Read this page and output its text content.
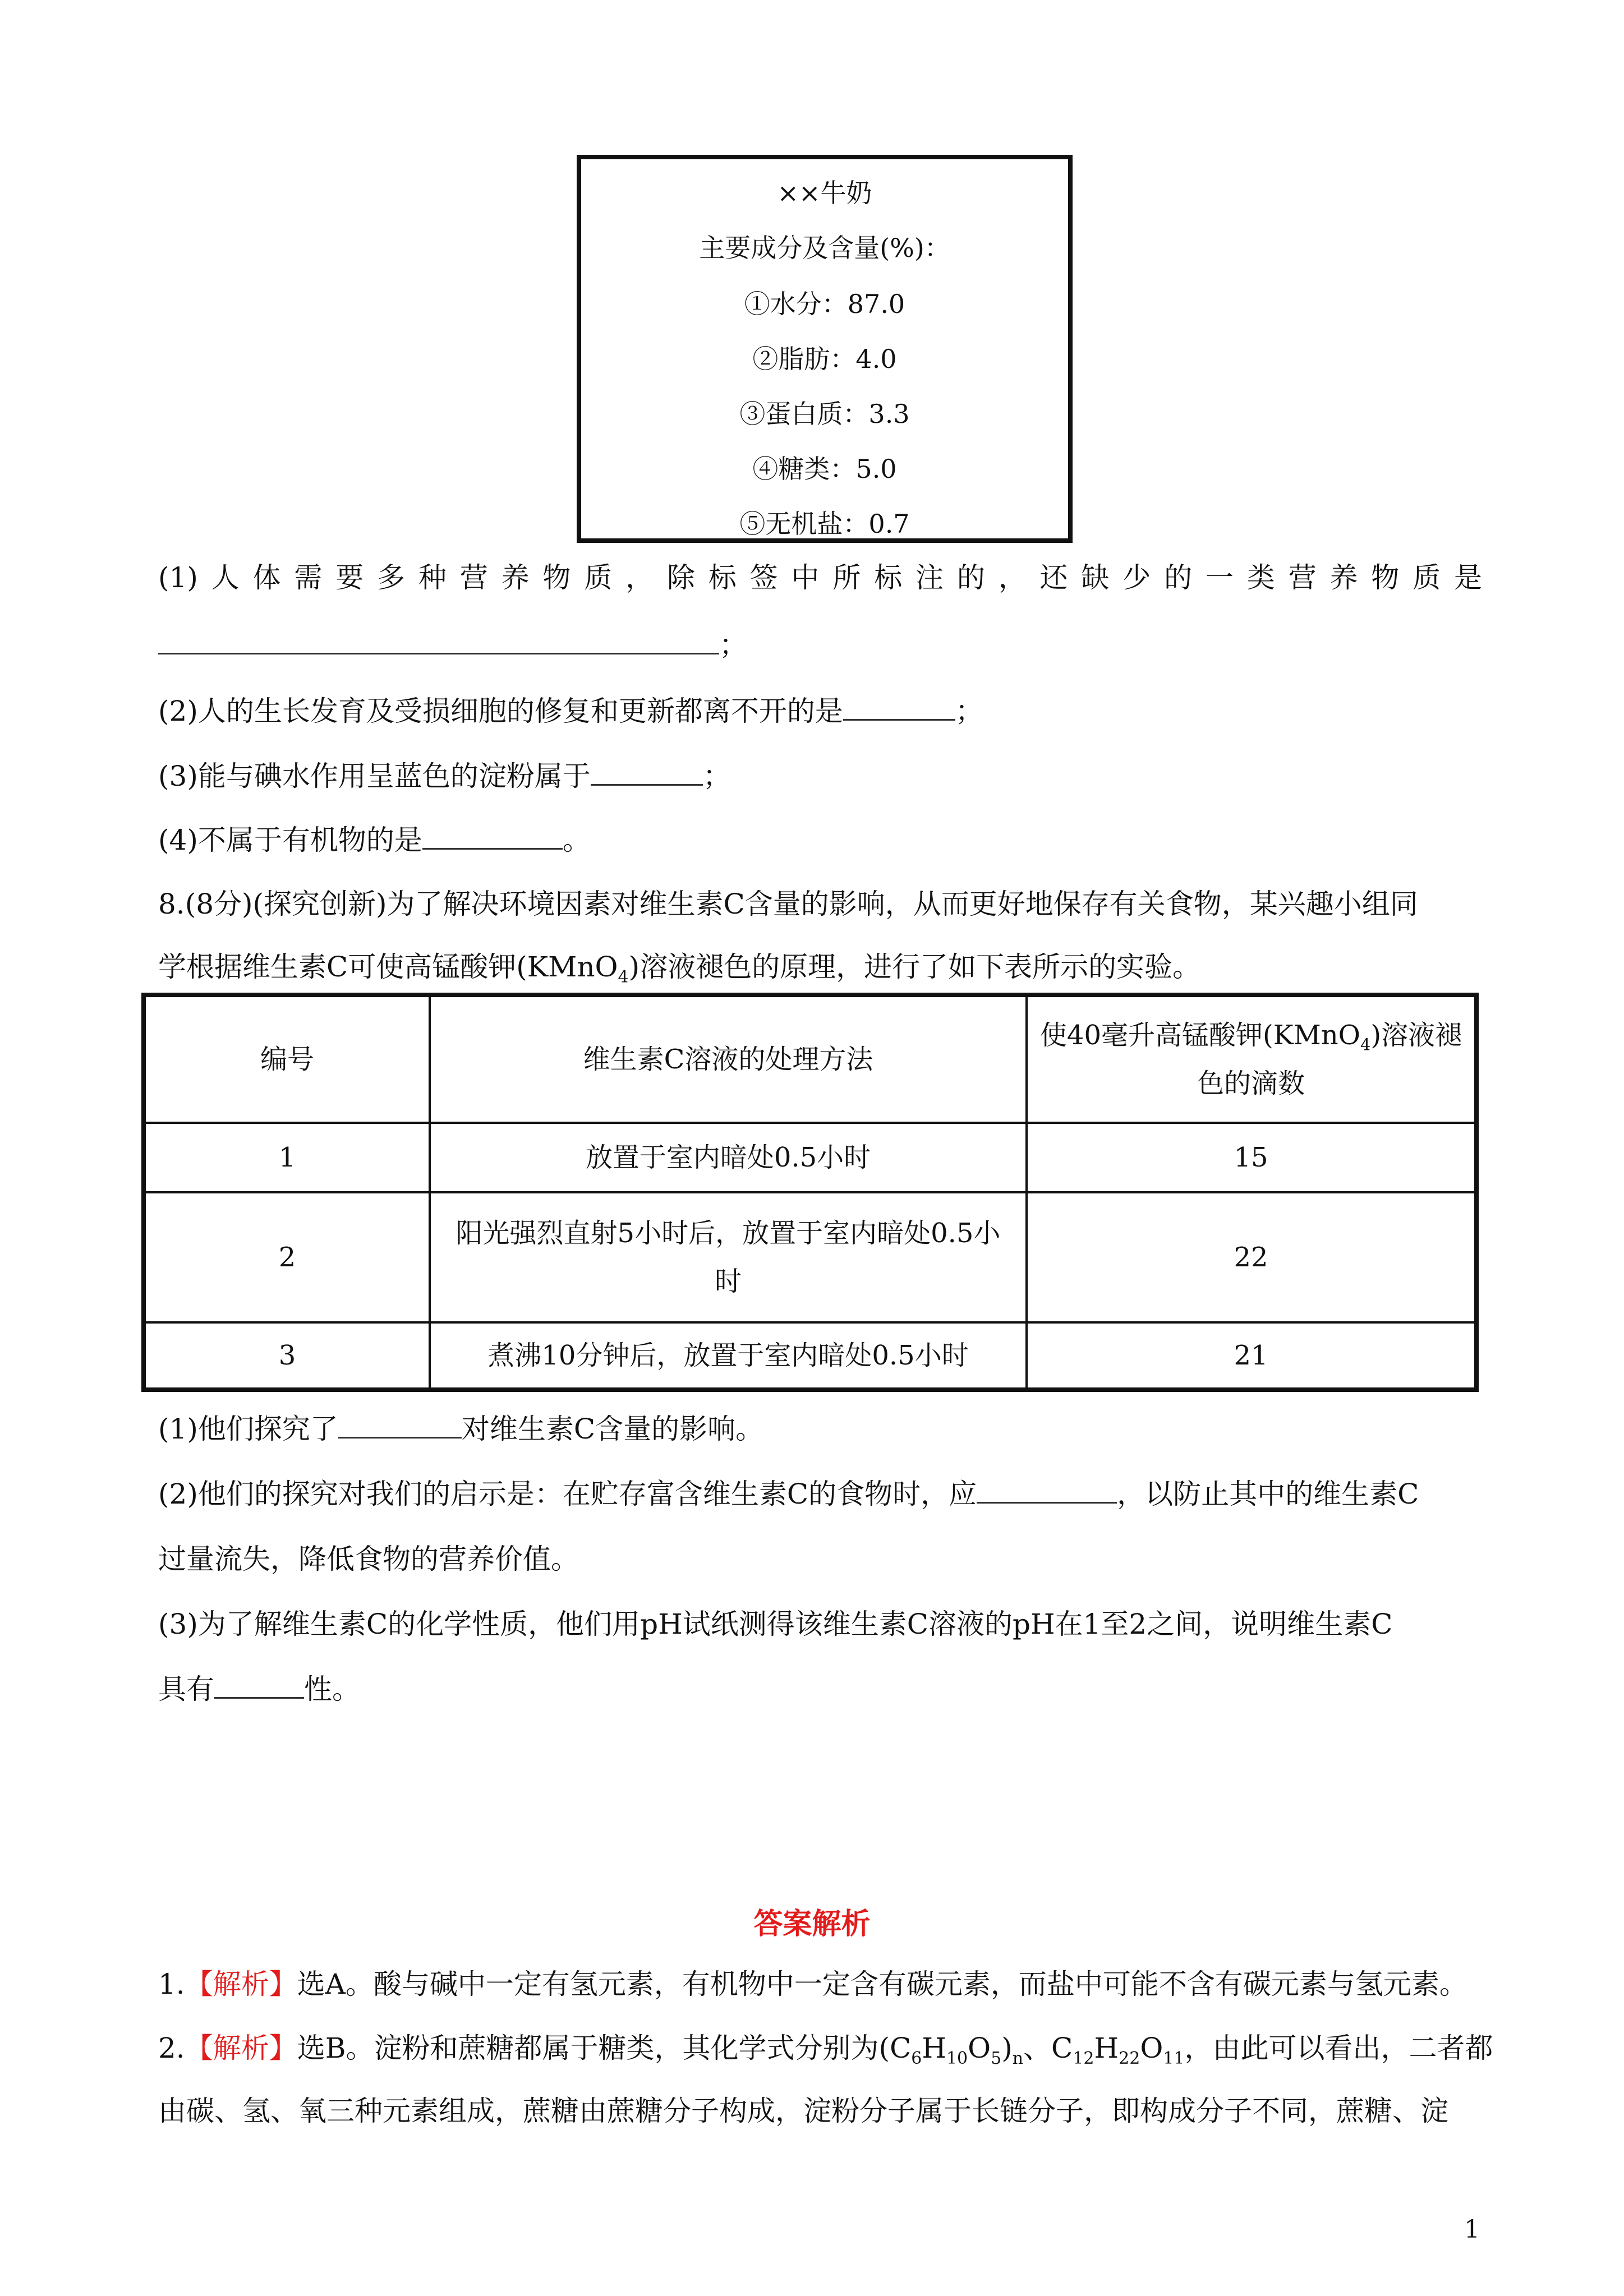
××牛奶
主要成分及含量(%)：
①水分：87.0
②脂肪：4.0
③蛋白质：3.3
④糖类：5.0
⑤无机盐：0.7
(1)人体需要多种营养物质，除标签中所标注的，还缺少的一类营养物质是
；
(2)人的生长发育及受损细胞的修复和更新都离不开的是	；
(3)能与碘水作用呈蓝色的淀粉属于	；
(4)不属于有机物的是	。
8.(8分)(探究创新)为了解决环境因素对维生素C含量的影响，从而更好地保存有关食物，某兴趣小组同
学根据维生素C可使高锰酸钾(KMnO$_4$)溶液褪色的原理，进行了如下表所示的实验。
编号	维生素C溶液的处理方法	使40毫升高锰酸钾(KMnO$_4$)溶液褪色的滴数
1	放置于室内暗处0.5小时	15
2	阳光强烈直射5小时后，放置于室内暗处0.5小时	22
3	煮沸10分钟后，放置于室内暗处0.5小时	21
(1)他们探究了	对维生素C含量的影响。
(2)他们的探究对我们的启示是：在贮存富含维生素C的食物时，应	，以防止其中的维生素C
过量流失，降低食物的营养价值。
(3)为了解维生素C的化学性质，他们用pH试纸测得该维生素C溶液的pH在1至2之间，说明维生素C
具有	性。
答案解析
1.【解析】选A。酸与碱中一定有氢元素，有机物中一定含有碳元素，而盐中可能不含有碳元素与氢元素。
2.【解析】选B。淀粉和蔗糖都属于糖类，其化学式分别为$(C_6H_{10}O_5)_n$、$C_{12}H_{22}O_{11}$，由此可以看出，二者都
由碳、氢、氧三种元素组成，蔗糖由蔗糖分子构成，淀粉分子属于长链分子，即构成分子不同，蔗糖、淀
1
